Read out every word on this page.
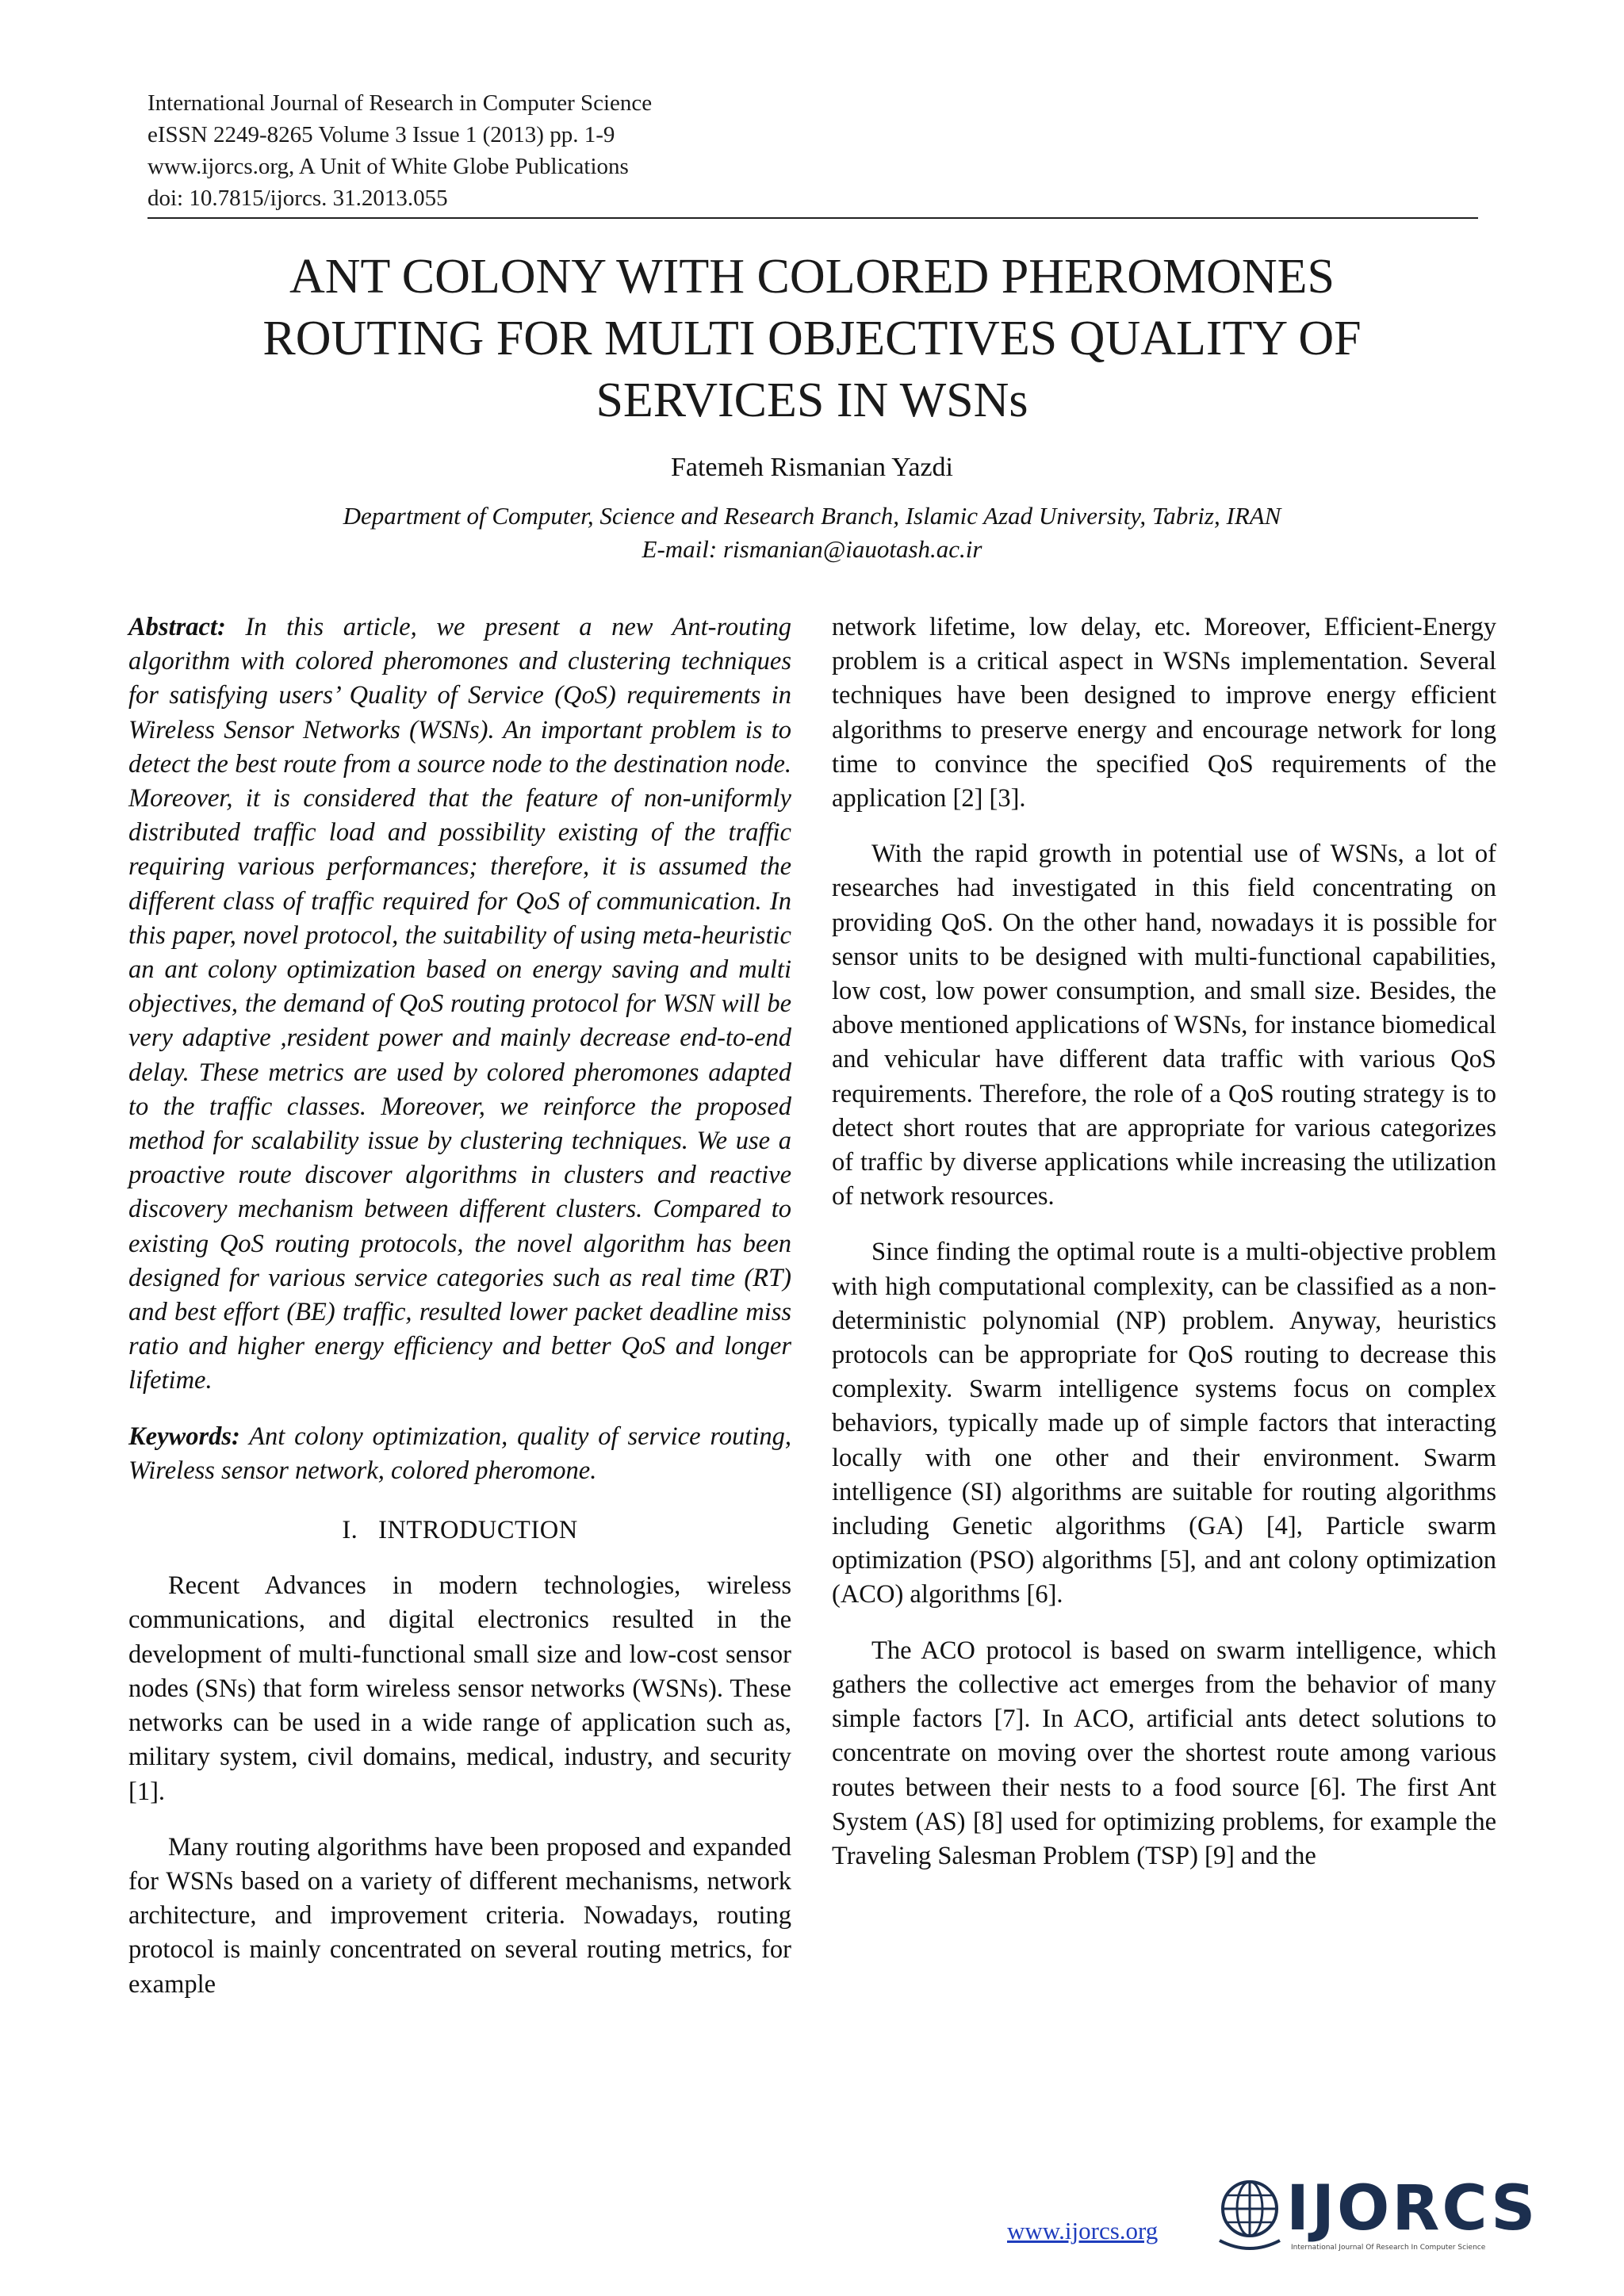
International Journal of Research in Computer Science
eISSN 2249-8265 Volume 3 Issue 1 (2013) pp. 1-9
www.ijorcs.org, A Unit of White Globe Publications
doi: 10.7815/ijorcs. 31.2013.055
ANT COLONY WITH COLORED PHEROMONES
ROUTING FOR MULTI OBJECTIVES QUALITY OF
SERVICES IN WSNs
Fatemeh Rismanian Yazdi
Department of Computer, Science and Research Branch, Islamic Azad University, Tabriz, IRAN
E-mail: rismanian@iauotash.ac.ir

Abstract: In this article, we present a new Ant-routing algorithm with colored pheromones and clustering techniques for satisfying users’ Quality of Service (QoS) requirements in Wireless Sensor Networks (WSNs). An important problem is to detect the best route from a source node to the destination node. Moreover, it is considered that the feature of non-uniformly distributed traffic load and possibility existing of the traffic requiring various performances; therefore, it is assumed the different class of traffic required for QoS of communication. In this paper, novel protocol, the suitability of using meta-heuristic an ant colony optimization based on energy saving and multi objectives, the demand of QoS routing protocol for WSN will be very adaptive ,resident power and mainly decrease end-to-end delay. These metrics are used by colored pheromones adapted to the traffic classes. Moreover, we reinforce the proposed method for scalability issue by clustering techniques. We use a proactive route discover algorithms in clusters and reactive discovery mechanism between different clusters. Compared to existing QoS routing protocols, the novel algorithm has been designed for various service categories such as real time (RT) and best effort (BE) traffic, resulted lower packet deadline miss ratio and higher energy efficiency and better QoS and longer lifetime.

Keywords: Ant colony optimization, quality of service routing, Wireless sensor network, colored pheromone.

I.   INTRODUCTION

Recent Advances in modern technologies, wireless communications, and digital electronics resulted in the development of multi-functional small size and low-cost sensor nodes (SNs) that form wireless sensor networks (WSNs). These networks can be used in a wide range of application such as, military system, civil domains, medical, industry, and security [1].

Many routing algorithms have been proposed and expanded for WSNs based on a variety of different mechanisms, network architecture, and improvement criteria. Nowadays, routing protocol is mainly concentrated on several routing metrics, for example

network lifetime, low delay, etc. Moreover, Efficient-Energy problem is a critical aspect in WSNs implementation. Several techniques have been designed to improve energy efficient algorithms to preserve energy and encourage network for long time to convince the specified QoS requirements of the application [2] [3].

With the rapid growth in potential use of WSNs, a lot of researches had investigated in this field concentrating on providing QoS. On the other hand, nowadays it is possible for sensor units to be designed with multi-functional capabilities, low cost, low power consumption, and small size. Besides, the above mentioned applications of WSNs, for instance biomedical and vehicular have different data traffic with various QoS requirements. Therefore, the role of a QoS routing strategy is to detect short routes that are appropriate for various categorizes of traffic by diverse applications while increasing the utilization of network resources.

Since finding the optimal route is a multi-objective problem with high computational complexity, can be classified as a non-deterministic polynomial (NP) problem. Anyway, heuristics protocols can be appropriate for QoS routing to decrease this complexity. Swarm intelligence systems focus on complex behaviors, typically made up of simple factors that interacting locally with one other and their environment. Swarm intelligence (SI) algorithms are suitable for routing algorithms including Genetic algorithms (GA) [4], Particle swarm optimization (PSO) algorithms [5], and ant colony optimization (ACO) algorithms [6].

The ACO protocol is based on swarm intelligence, which gathers the collective act emerges from the behavior of many simple factors [7]. In ACO, artificial ants detect solutions to concentrate on moving over the shortest route among various routes between their nests to a food source [6]. The first Ant System (AS) [8] used for optimizing problems, for example the Traveling Salesman Problem (TSP) [9] and the

www.ijorcs.org IJORCS
International Journal Of Research In Computer Science
